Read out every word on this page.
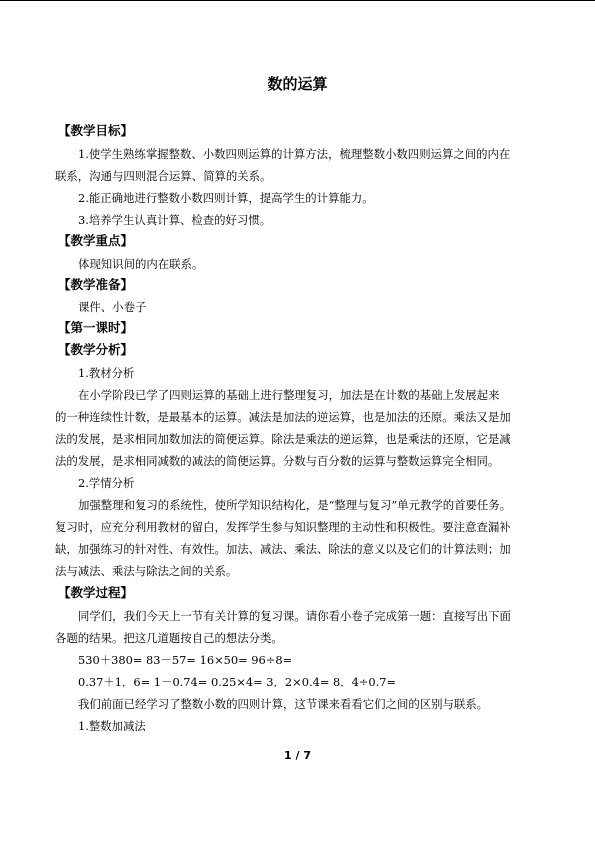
数的运算
【教学目标】
1.使学生熟练掌握整数、小数四则运算的计算方法，梳理整数小数四则运算之间的内在
联系，沟通与四则混合运算、简算的关系。
2.能正确地进行整数小数四则计算，提高学生的计算能力。
3.培养学生认真计算、检查的好习惯。
【教学重点】
体现知识间的内在联系。
【教学准备】
课件、小卷子
【第一课时】
【教学分析】
1.教材分析
在小学阶段已学了四则运算的基础上进行整理复习，加法是在计数的基础上发展起来
的一种连续性计数，是最基本的运算。减法是加法的逆运算，也是加法的还原。乘法又是加
法的发展，是求相同加数加法的简便运算。除法是乘法的逆运算，也是乘法的还原，它是减
法的发展，是求相同减数的减法的简便运算。分数与百分数的运算与整数运算完全相同。
2.学情分析
加强整理和复习的系统性，使所学知识结构化，是“整理与复习”单元教学的首要任务。
复习时，应充分利用教材的留白，发挥学生参与知识整理的主动性和积极性。要注意查漏补
缺，加强练习的针对性、有效性。加法、减法、乘法、除法的意义以及它们的计算法则；加
法与减法、乘法与除法之间的关系。
【教学过程】
同学们，我们今天上一节有关计算的复习课。请你看小卷子完成第一题：直接写出下面
各题的结果。把这几道题按自己的想法分类。
530＋380= 83－57= 16×50= 96÷8=
0.37＋1．6= 1－0.74= 0.25×4= 3．2×0.4= 8．4÷0.7=
我们前面已经学习了整数小数的四则计算，这节课来看看它们之间的区别与联系。
1.整数加减法
1 / 7
